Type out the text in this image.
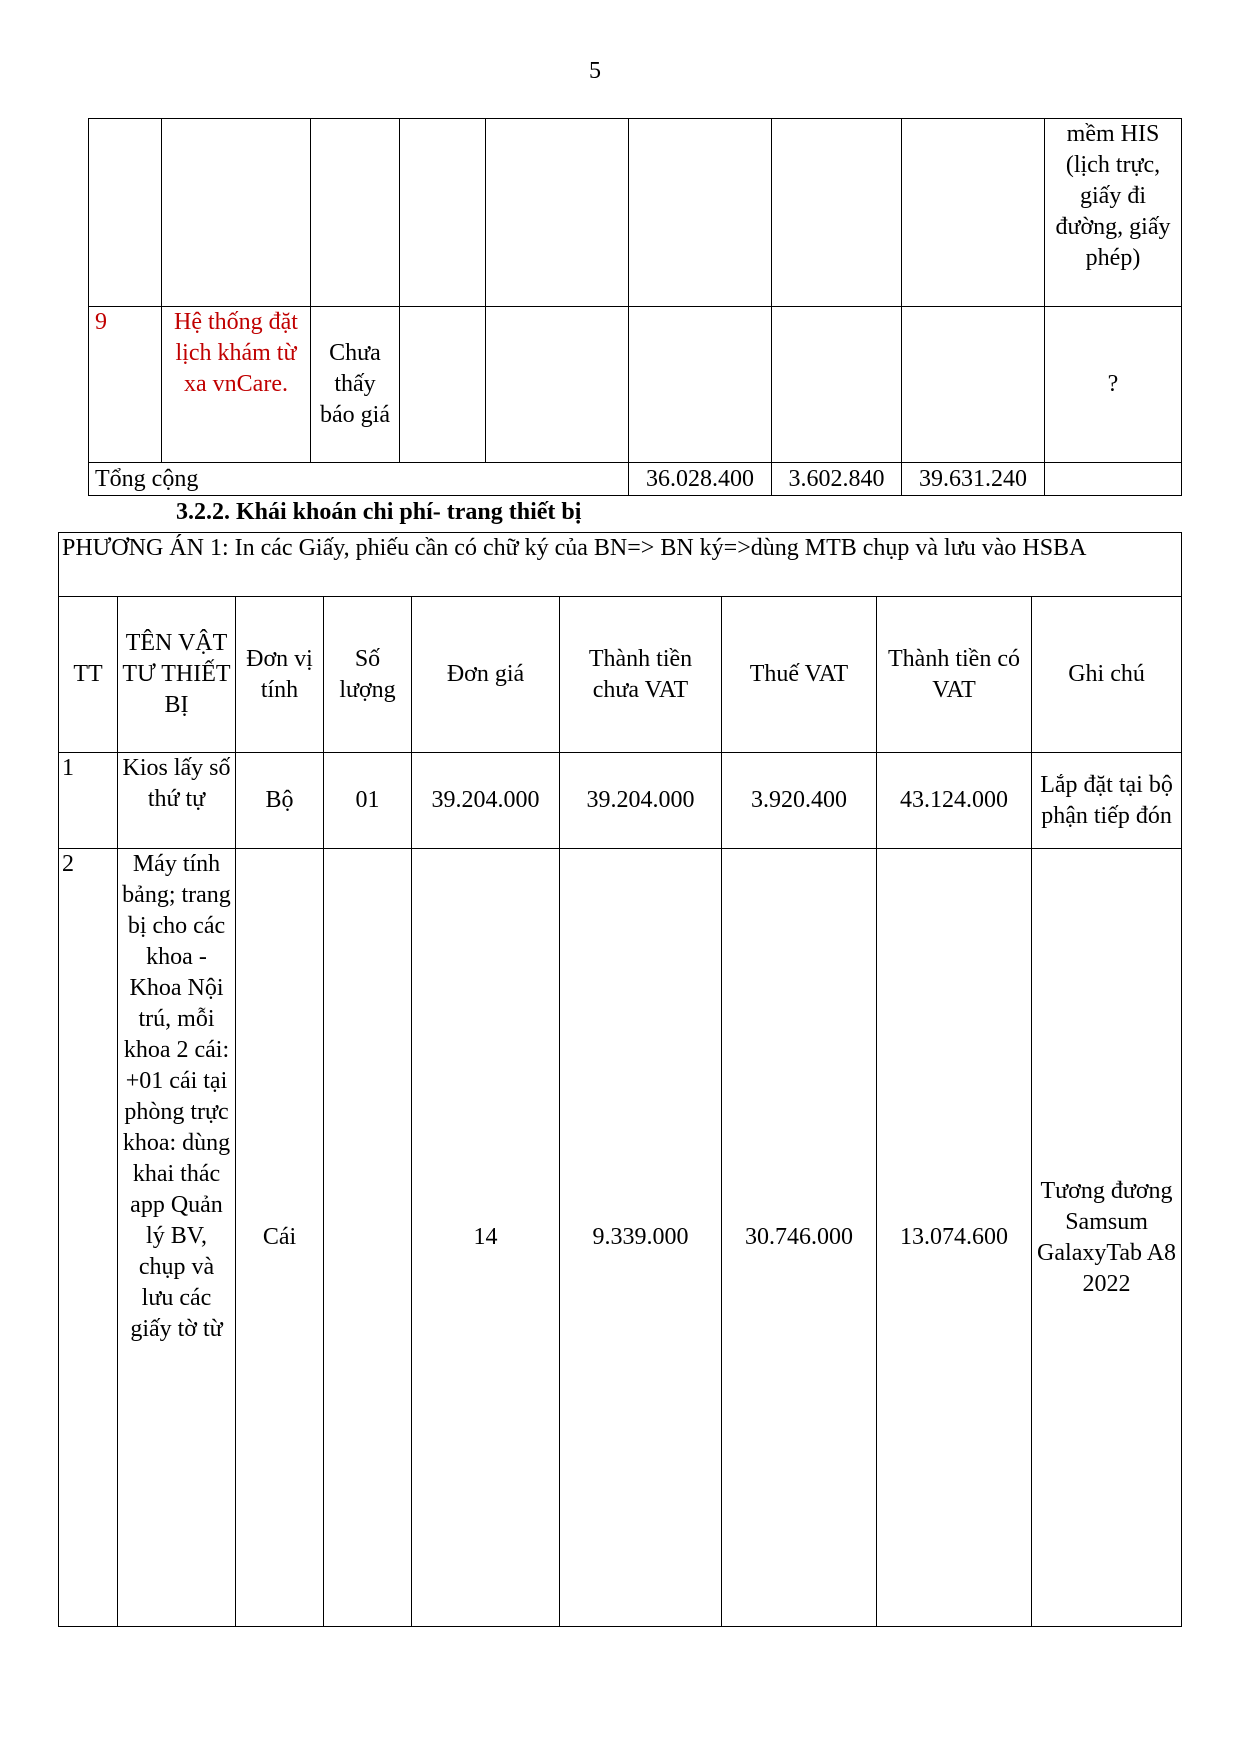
5
								mềm HIS (lịch trực, giấy đi đường, giấy phép)
9	Hệ thống đặt lịch khám từ xa vnCare.	Chưa thấy báo giá						?
Tổng cộng					36.028.400	3.602.840	39.631.240	
3.2.2. Khái khoán chi phí- trang thiết bị
PHƯƠNG ÁN 1: In các Giấy, phiếu cần có chữ ký của BN=> BN ký=>dùng MTB chụp và lưu vào HSBA								
TT	TÊN VẬT TƯ THIẾT BỊ	Đơn vị tính	Số lượng	Đơn giá	Thành tiền chưa VAT	Thuế VAT	Thành tiền có VAT	Ghi chú
1	Kios lấy số thứ tự	Bộ	01	39.204.000	39.204.000	3.920.400	43.124.000	Lắp đặt tại bộ phận tiếp đón
2	Máy tính bảng; trang bị cho các khoa -Khoa Nội trú, mỗi khoa 2 cái: +01 cái tại phòng trực khoa: dùng khai thác app Quản lý BV, chụp và lưu các giấy tờ từ	Cái		14	9.339.000	30.746.000	13.074.600	Tương đương Samsum GalaxyTab A8 2022
